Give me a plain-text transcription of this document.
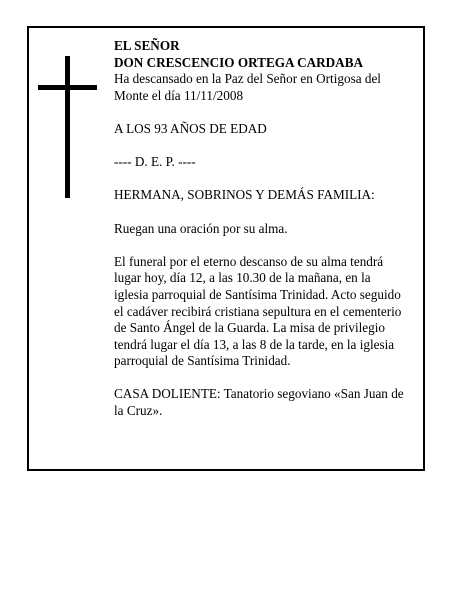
EL SEÑOR

DON CRESCENCIO ORTEGA CARDABA

Ha descansado en la Paz del Señor en Ortigosa del Monte el día 11/11/2008

A LOS 93 AÑOS DE EDAD

---- D. E. P. ----

HERMANA, SOBRINOS Y DEMÁS FAMILIA:

Ruegan una oración por su alma.

El funeral por el eterno descanso de su alma tendrá lugar hoy, día 12, a las 10.30 de la mañana, en la iglesia parroquial de Santísima Trinidad. Acto seguido el cadáver recibirá cristiana sepultura en el cementerio de Santo Ángel de la Guarda. La misa de privilegio tendrá lugar el día 13, a las 8 de la tarde, en la iglesia parroquial de Santísima Trinidad.

CASA DOLIENTE: Tanatorio segoviano «San Juan de la Cruz».
